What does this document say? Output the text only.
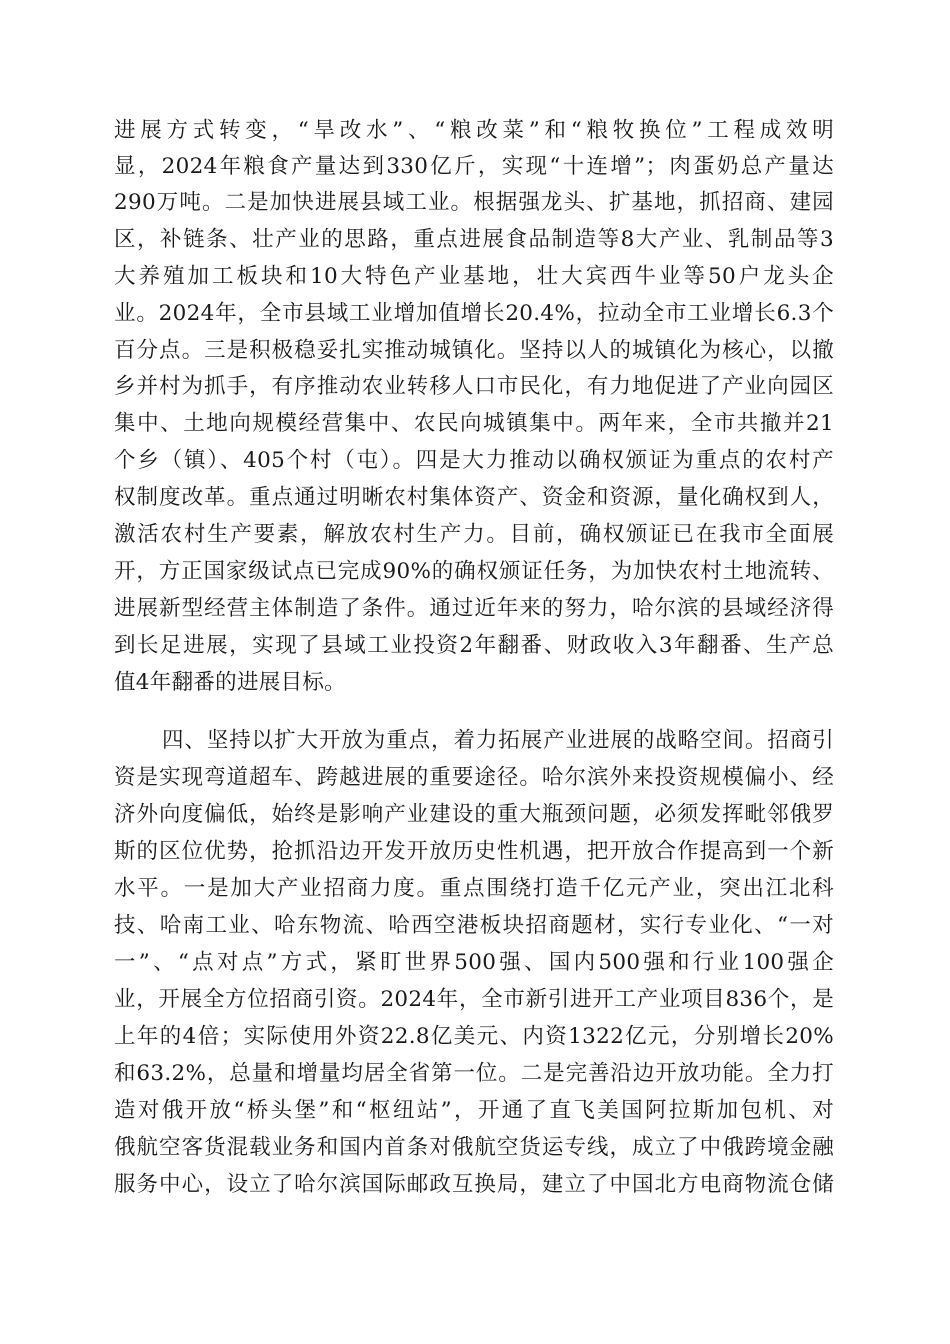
进展方式转变，“旱改水”、“粮改菜”和“粮牧换位”工程成效明
显，2024年粮食产量达到330亿斤，实现“十连增”；肉蛋奶总产量达
290万吨。二是加快进展县域工业。根据强龙头、扩基地，抓招商、建园
区，补链条、壮产业的思路，重点进展食品制造等8大产业、乳制品等3
大养殖加工板块和10大特色产业基地，壮大宾西牛业等50户龙头企
业。2024年，全市县域工业增加值增长20.4%，拉动全市工业增长6.3个
百分点。三是积极稳妥扎实推动城镇化。坚持以人的城镇化为核心，以撤
乡并村为抓手，有序推动农业转移人口市民化，有力地促进了产业向园区
集中、土地向规模经营集中、农民向城镇集中。两年来，全市共撤并21
个乡（镇）、405个村（屯）。四是大力推动以确权颁证为重点的农村产
权制度改革。重点通过明晰农村集体资产、资金和资源，量化确权到人，
激活农村生产要素，解放农村生产力。目前，确权颁证已在我市全面展
开，方正国家级试点已完成90%的确权颁证任务，为加快农村土地流转、
进展新型经营主体制造了条件。通过近年来的努力，哈尔滨的县域经济得
到长足进展，实现了县域工业投资2年翻番、财政收入3年翻番、生产总
值4年翻番的进展目标。
四、坚持以扩大开放为重点，着力拓展产业进展的战略空间。招商引
资是实现弯道超车、跨越进展的重要途径。哈尔滨外来投资规模偏小、经
济外向度偏低，始终是影响产业建设的重大瓶颈问题，必须发挥毗邻俄罗
斯的区位优势，抢抓沿边开发开放历史性机遇，把开放合作提高到一个新
水平。一是加大产业招商力度。重点围绕打造千亿元产业，突出江北科
技、哈南工业、哈东物流、哈西空港板块招商题材，实行专业化、“一对
一”、“点对点”方式，紧盯世界500强、国内500强和行业100强企
业，开展全方位招商引资。2024年，全市新引进开工产业项目836个，是
上年的4倍；实际使用外资22.8亿美元、内资1322亿元，分别增长20%
和63.2%，总量和增量均居全省第一位。二是完善沿边开放功能。全力打
造对俄开放“桥头堡”和“枢纽站”，开通了直飞美国阿拉斯加包机、对
俄航空客货混载业务和国内首条对俄航空货运专线，成立了中俄跨境金融
服务中心，设立了哈尔滨国际邮政互换局，建立了中国北方电商物流仓储
